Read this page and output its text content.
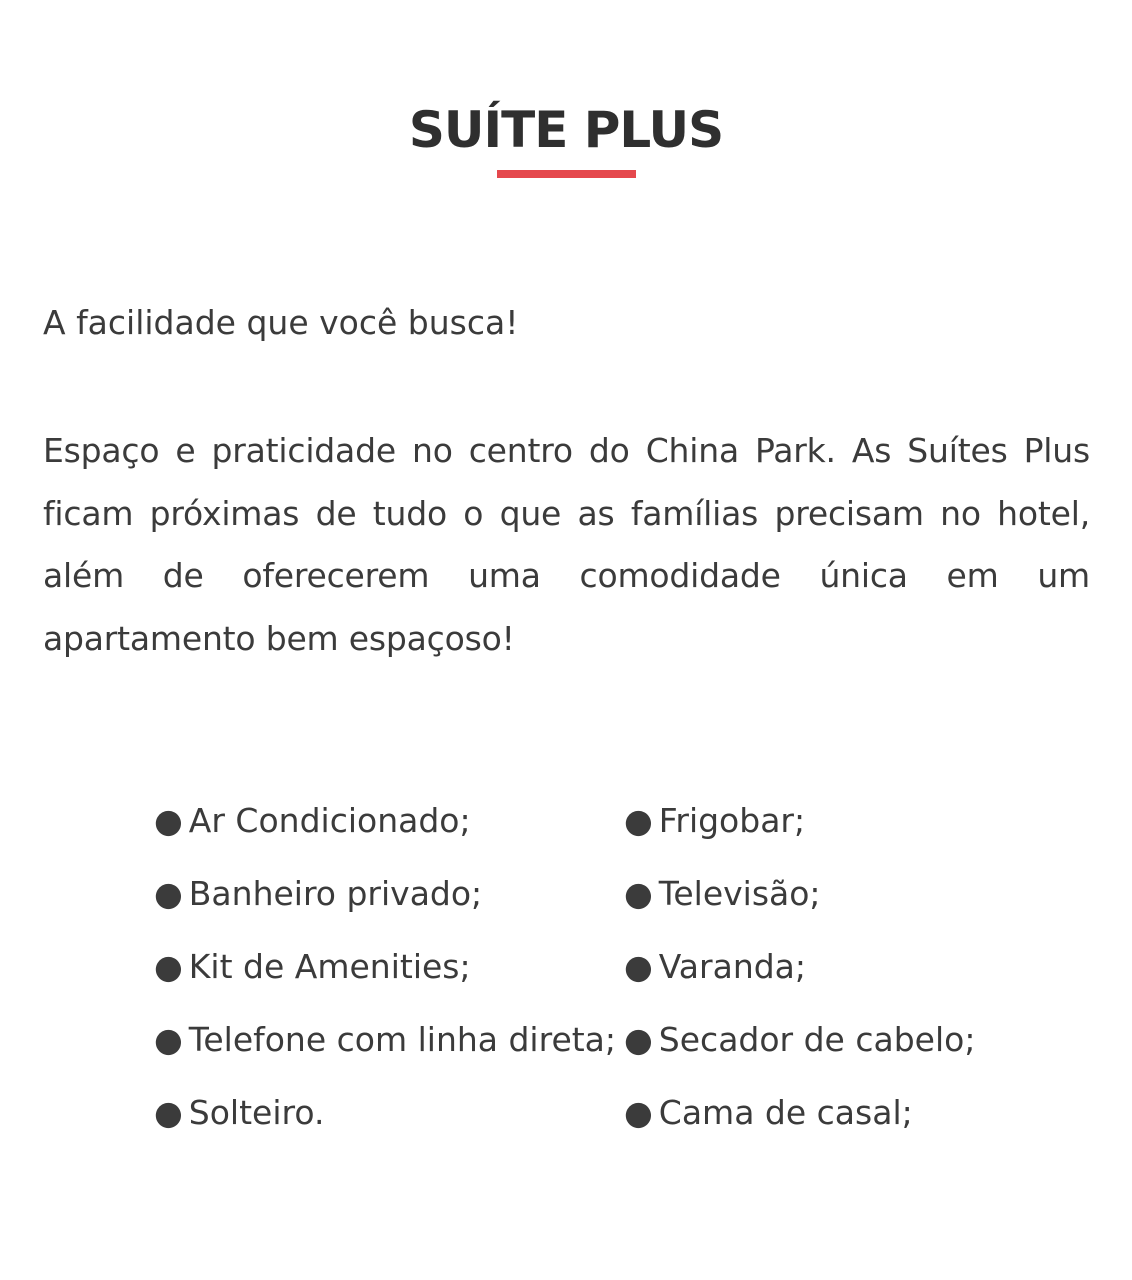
SUÍTE PLUS

A facilidade que você busca!

Espaço e praticidade no centro do China Park. As Suítes Plus ficam próximas de tudo o que as famílias precisam no hotel, além de oferecerem uma comodidade única em um apartamento bem espaçoso!

● Ar Condicionado;
● Banheiro privado;
● Kit de Amenities;
● Telefone com linha direta;
● Solteiro.
● Frigobar;
● Televisão;
● Varanda;
● Secador de cabelo;
● Cama de casal;
